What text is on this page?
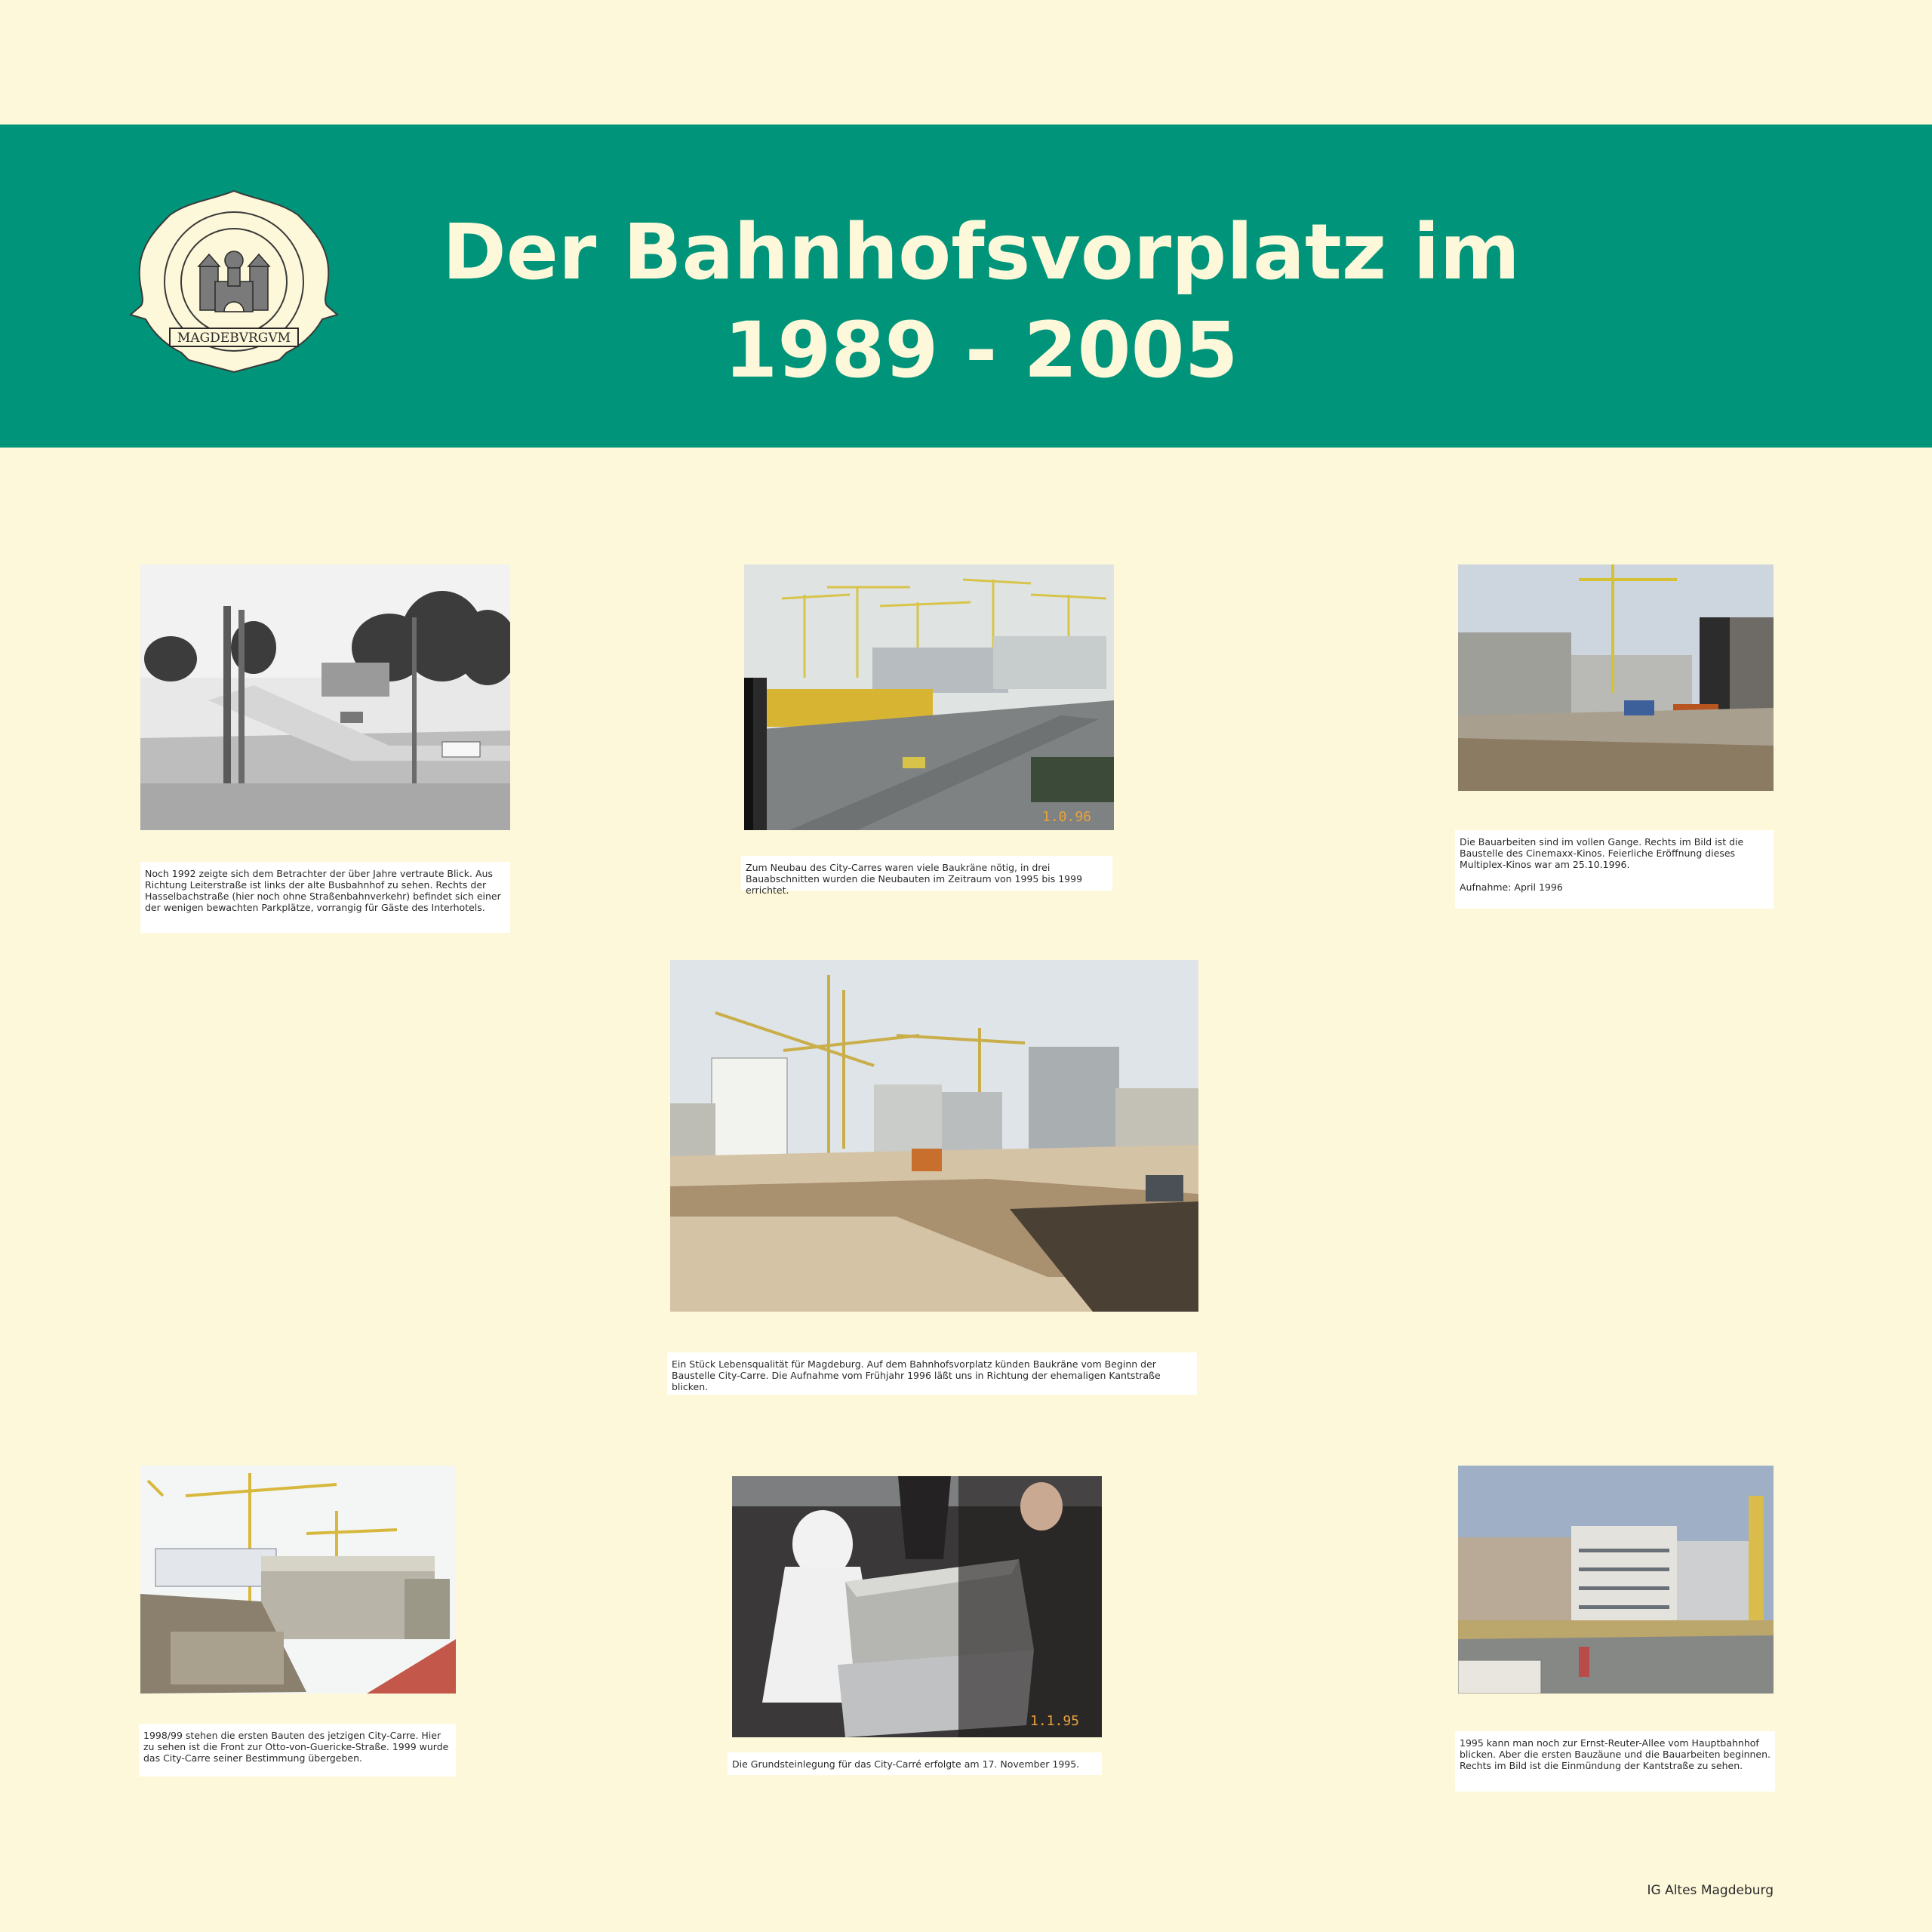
MAGDEBVRGVM
Der Bahnhofsvorplatz im
1989 - 2005
Noch 1992 zeigte sich dem Betrachter der über Jahre vertraute Blick. Aus Richtung Leiterstraße ist links der alte Busbahnhof zu sehen. Rechts der Hasselbachstraße (hier noch ohne Straßenbahnverkehr) befindet sich einer der wenigen bewachten Parkplätze, vorrangig für Gäste des Interhotels.
1.0.96
Zum Neubau des City-Carres waren viele Baukräne nötig, in drei Bauabschnitten wurden die Neubauten im Zeitraum von 1995 bis 1999 errichtet.
Die Bauarbeiten sind im vollen Gange. Rechts im Bild ist die Baustelle des Cinemaxx-Kinos. Feierliche Eröffnung dieses Multiplex-Kinos war am 25.10.1996.

Aufnahme: April 1996
Ein Stück Lebensqualität für Magdeburg. Auf dem Bahnhofsvorplatz künden Baukräne vom Beginn der Baustelle City-Carre. Die Aufnahme vom Frühjahr 1996 läßt uns in Richtung der ehemaligen Kantstraße blicken.
1998/99 stehen die ersten Bauten des jetzigen City-Carre. Hier zu sehen ist die Front zur Otto-von-Guericke-Straße. 1999 wurde das City-Carre seiner Bestimmung übergeben.
1.1.95
Die Grundsteinlegung für das City-Carré erfolgte am 17. November 1995.
1995 kann man noch zur Ernst-Reuter-Allee vom Hauptbahnhof blicken. Aber die ersten Bauzäune und die Bauarbeiten beginnen. Rechts im Bild ist die Einmündung der Kantstraße zu sehen.
IG Altes Magdeburg
